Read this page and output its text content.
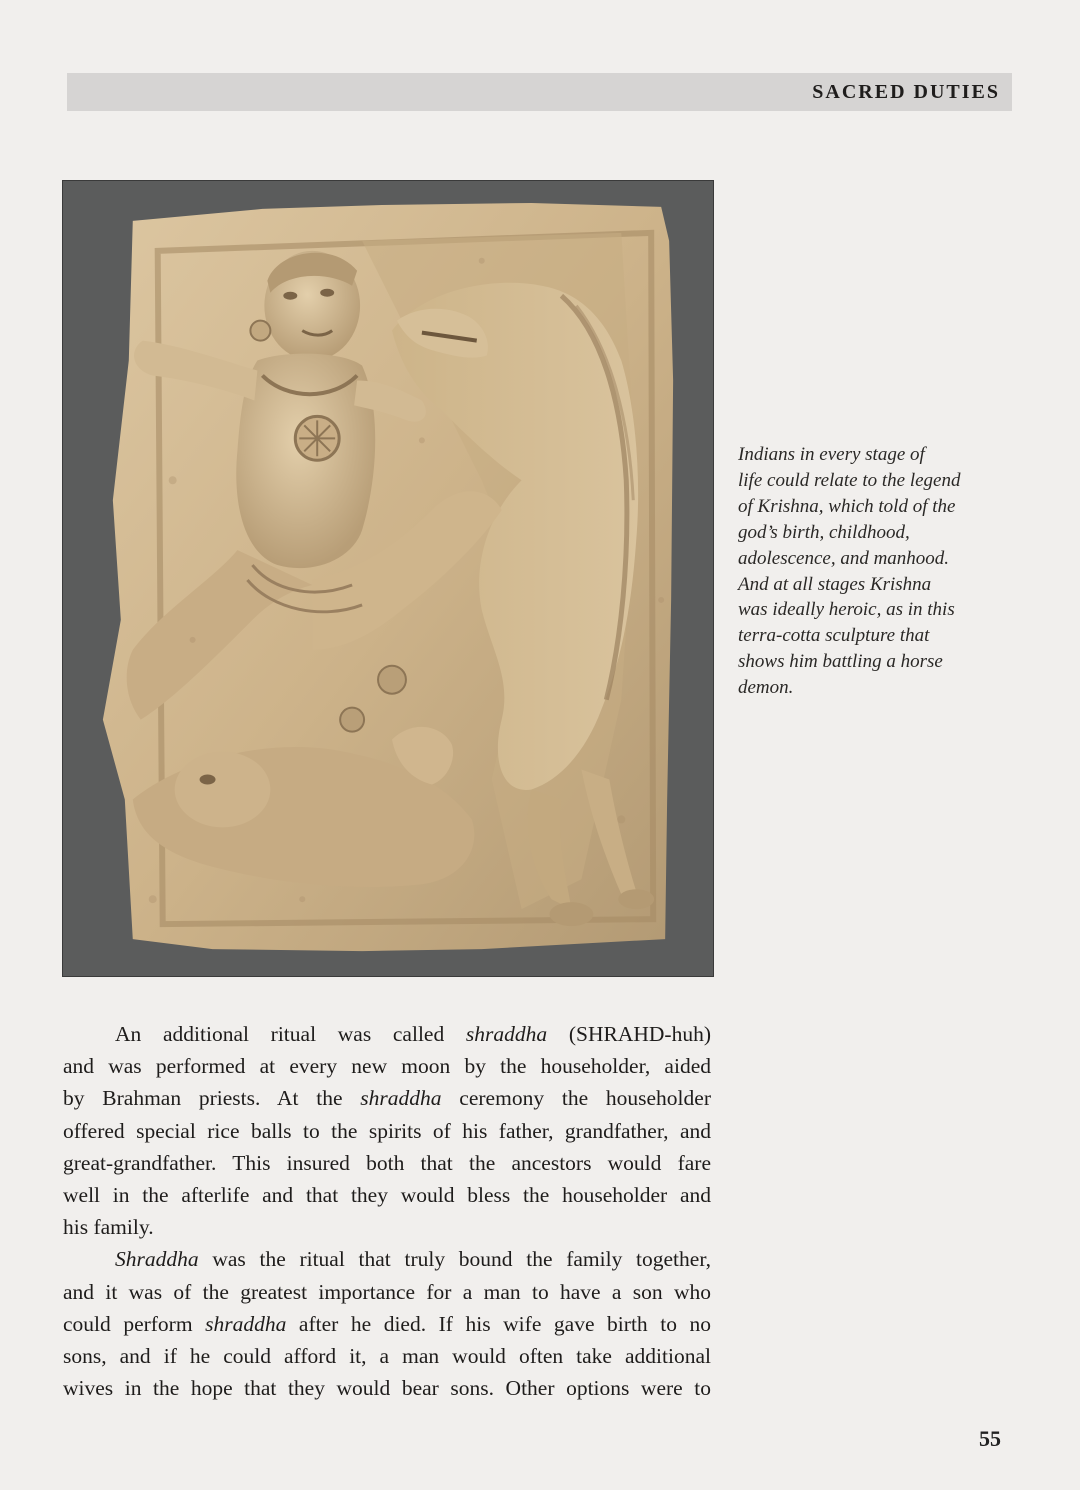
SACRED DUTIES
Indians in every stage of
life could relate to the legend
of Krishna, which told of the
god’s birth, childhood,
adolescence, and manhood.
And at all stages Krishna
was ideally heroic, as in this
terra-cotta sculpture that
shows him battling a horse
demon.
An additional ritual was called shraddha (SHRAHD-huh)
and was performed at every new moon by the householder, aided
by Brahman priests. At the shraddha ceremony the householder
offered special rice balls to the spirits of his father, grandfather, and
great-grandfather. This insured both that the ancestors would fare
well in the afterlife and that they would bless the householder and
his family.
Shraddha was the ritual that truly bound the family together,
and it was of the greatest importance for a man to have a son who
could perform shraddha after he died. If his wife gave birth to no
sons, and if he could afford it, a man would often take additional
wives in the hope that they would bear sons. Other options were to
55
